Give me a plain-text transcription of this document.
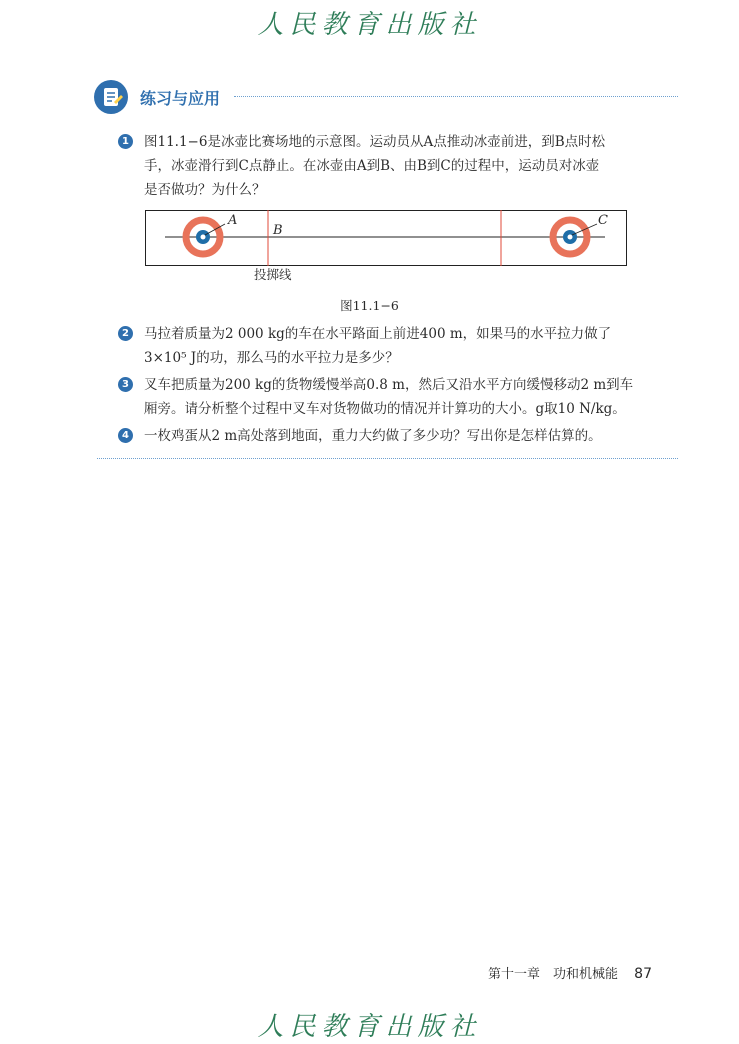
人民教育出版社
练习与应用
1	图11.1−6是冰壶比赛场地的示意图。运动员从A点推动冰壶前进，到B点时松
手，冰壶滑行到C点静止。在冰壶由A到B、由B到C的过程中，运动员对冰壶
是否做功？为什么？
A
B
C
投掷线
图11.1−6
2	马拉着质量为2 000 kg的车在水平路面上前进400 m，如果马的水平拉力做了
3×10⁵ J的功，那么马的水平拉力是多少？
3	叉车把质量为200 kg的货物缓慢举高0.8 m，然后又沿水平方向缓慢移动2 m到车
厢旁。请分析整个过程中叉车对货物做功的情况并计算功的大小。g取10 N/kg。
4	一枚鸡蛋从2 m高处落到地面，重力大约做了多少功？写出你是怎样估算的。
第十一章　功和机械能 87
人民教育出版社
